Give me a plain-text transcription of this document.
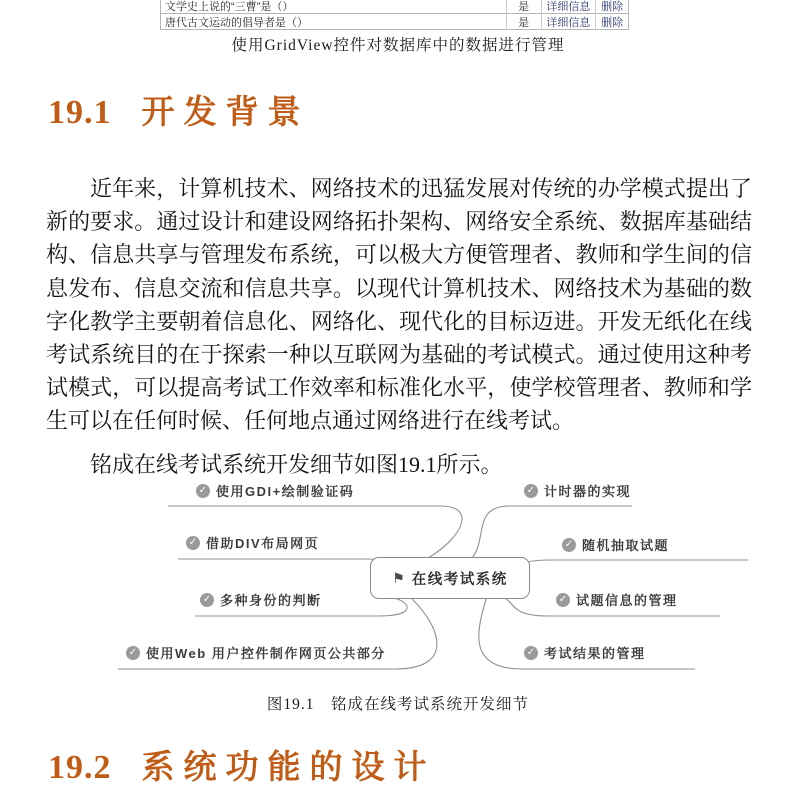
文学史上说的“三曹”是（）	是	详细信息 删除
唐代古文运动的倡导者是（）	是	详细信息 删除
使用GridView控件对数据库中的数据进行管理
19.1 开发背景

近年来，计算机技术、网络技术的迅猛发展对传统的办学模式提出了新的要求。通过设计和建设网络拓扑架构、网络安全系统、数据库基础结构、信息共享与管理发布系统，可以极大方便管理者、教师和学生间的信息发布、信息交流和信息共享。以现代计算机技术、网络技术为基础的数字化教学主要朝着信息化、网络化、现代化的目标迈进。开发无纸化在线考试系统目的在于探索一种以互联网为基础的考试模式。通过使用这种考试模式，可以提高考试工作效率和标准化水平，使学校管理者、教师和学生可以在任何时候、任何地点通过网络进行在线考试。

铭成在线考试系统开发细节如图19.1所示。

⚑ 在线考试系统
✓ 使用GDI+绘制验证码
✓ 借助DIV布局网页
✓ 多种身份的判断
✓ 使用Web 用户控件制作网页公共部分
✓ 计时器的实现
✓ 随机抽取试题
✓ 试题信息的管理
✓ 考试结果的管理
图19.1　铭成在线考试系统开发细节
19.2 系统功能的设计
